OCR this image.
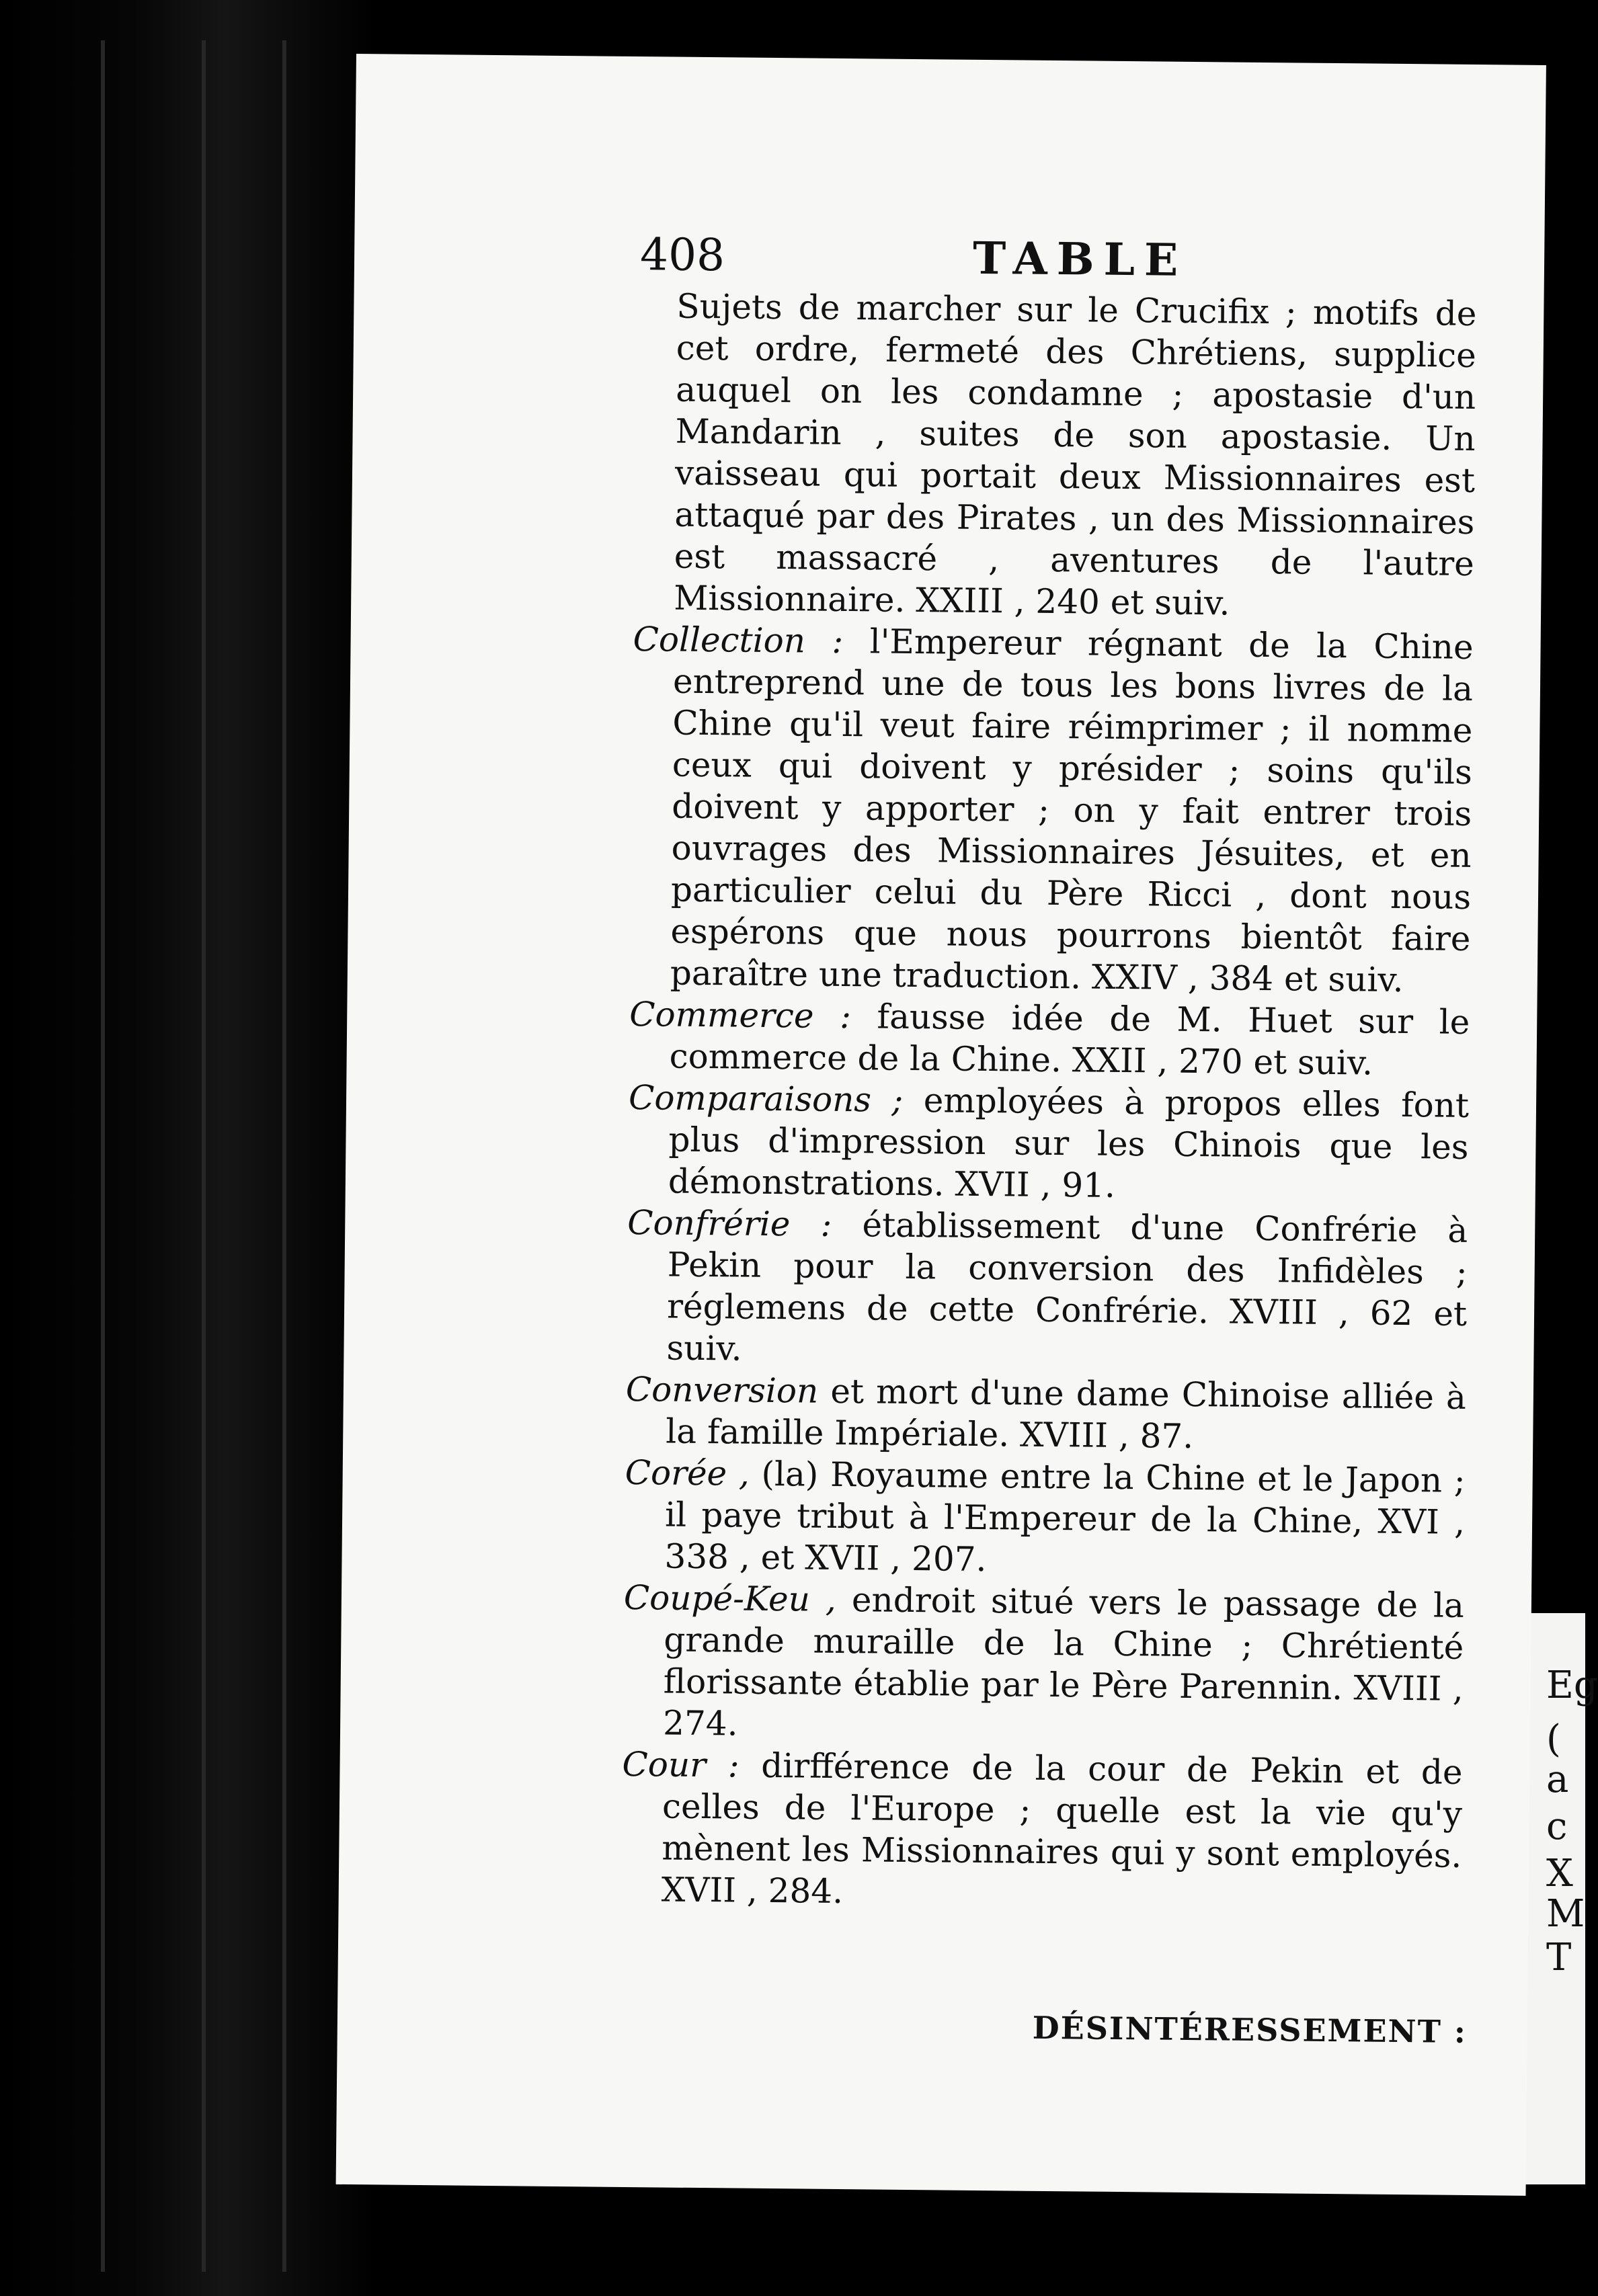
Eg
(
a
c
X
M
T
408	TABLE

Sujets de marcher sur le Crucifix ; motifs de cet ordre, fermeté des Chrétiens, supplice auquel on les condamne ; apostasie d'un Mandarin , suites de son apostasie. Un vaisseau qui portait deux Missionnaires est attaqué par des Pirates , un des Missionnaires est massacré , aventures de l'autre Missionnaire. XXIII , 240 et suiv.

Collection : l'Empereur régnant de la Chine entreprend une de tous les bons livres de la Chine qu'il veut faire réimprimer ; il nomme ceux qui doivent y présider ; soins qu'ils doivent y apporter ; on y fait entrer trois ouvrages des Missionnaires Jésuites, et en particulier celui du Père Ricci , dont nous espérons que nous pourrons bientôt faire paraître une traduction. XXIV , 384 et suiv.

Commerce : fausse idée de M. Huet sur le commerce de la Chine. XXII , 270 et suiv.

Comparaisons ; employées à propos elles font plus d'impression sur les Chinois que les démonstrations. XVII , 91.

Confrérie : établissement d'une Confrérie à Pekin pour la conversion des Infidèles ; réglemens de cette Confrérie. XVIII , 62 et suiv.

Conversion et mort d'une dame Chinoise alliée à la famille Impériale. XVIII , 87.

Corée , (la) Royaume entre la Chine et le Japon ; il paye tribut à l'Empereur de la Chine, XVI , 338 , et XVII , 207.

Coupé-Keu , endroit situé vers le passage de la grande muraille de la Chine ; Chrétienté florissante établie par le Père Parennin. XVIII , 274.

Cour : dirfférence de la cour de Pekin et de celles de l'Europe ; quelle est la vie qu'y mènent les Missionnaires qui y sont employés. XVII , 284.

DÉSINTÉRESSEMENT :
